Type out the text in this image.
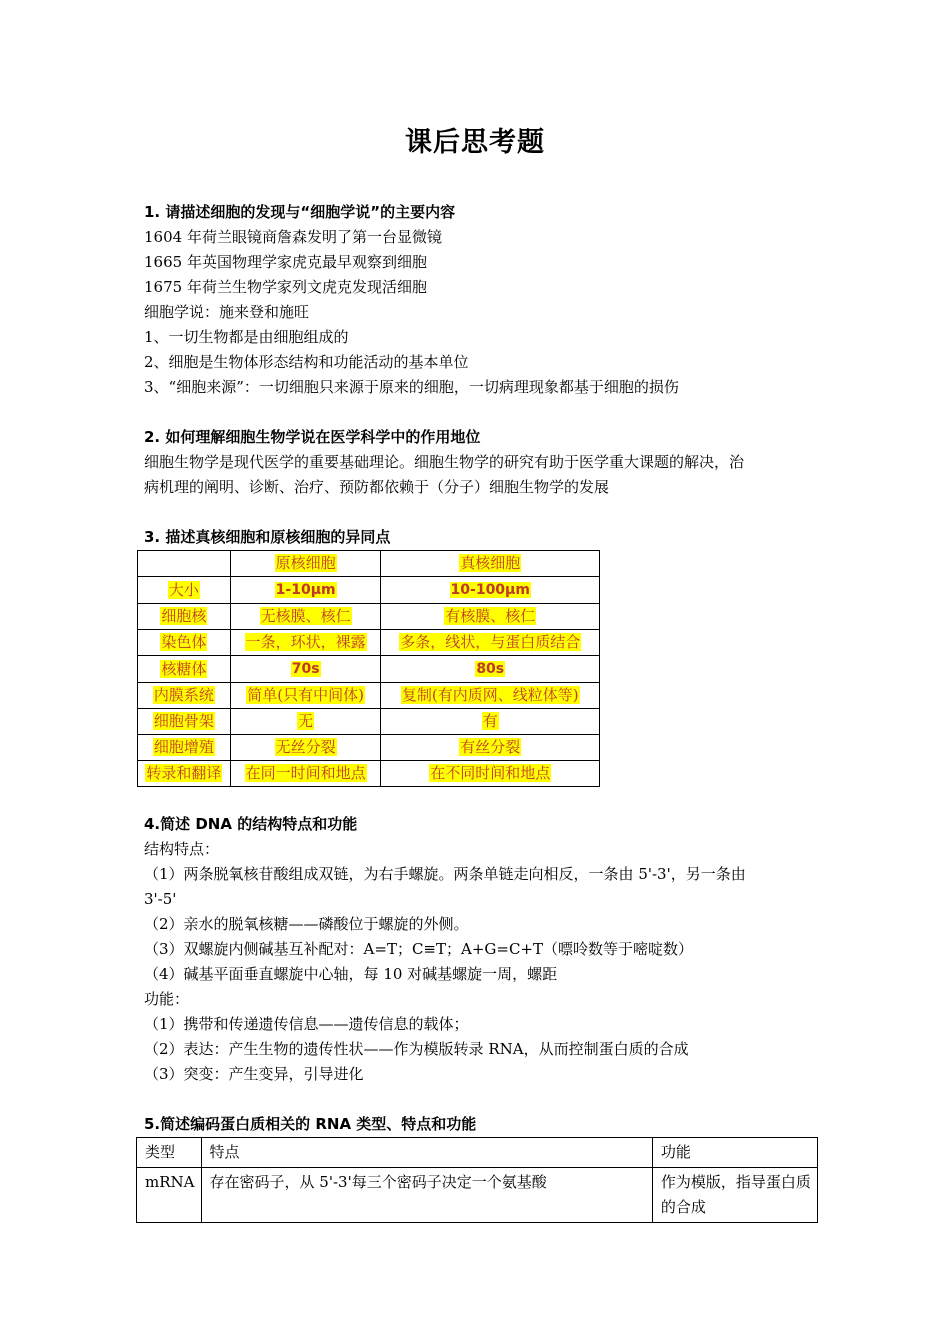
课后思考题
1. 请描述细胞的发现与“细胞学说”的主要内容

1604 年荷兰眼镜商詹森发明了第一台显微镜

1665 年英国物理学家虎克最早观察到细胞

1675 年荷兰生物学家列文虎克发现活细胞

细胞学说：施来登和施旺

1、一切生物都是由细胞组成的

2、细胞是生物体形态结构和功能活动的基本单位

3、“细胞来源”：一切细胞只来源于原来的细胞，一切病理现象都基于细胞的损伤

2. 如何理解细胞生物学说在医学科学中的作用地位

细胞生物学是现代医学的重要基础理论。细胞生物学的研究有助于医学重大课题的解决，治

病机理的阐明、诊断、治疗、预防都依赖于（分子）细胞生物学的发展

3. 描述真核细胞和原核细胞的异同点
	原核细胞	真核细胞
大小	1-10μm	10-100μm
细胞核	无核膜、核仁	有核膜、核仁
染色体	一条，环状，裸露	多条，线状，与蛋白质结合
核糖体	70s	80s
内膜系统	简单(只有中间体)	复制(有内质网、线粒体等)
细胞骨架	无	有
细胞增殖	无丝分裂	有丝分裂
转录和翻译	在同一时间和地点	在不同时间和地点
4.简述 DNA 的结构特点和功能

结构特点：

（1）两条脱氧核苷酸组成双链，为右手螺旋。两条单链走向相反，一条由 5'-3'，另一条由

3'-5'

（2）亲水的脱氧核糖——磷酸位于螺旋的外侧。

（3）双螺旋内侧碱基互补配对：A=T；C≡T；A+G=C+T（嘌呤数等于嘧啶数）

（4）碱基平面垂直螺旋中心轴，每 10 对碱基螺旋一周，螺距

功能：

（1）携带和传递遗传信息——遗传信息的载体；

（2）表达：产生生物的遗传性状——作为模版转录 RNA，从而控制蛋白质的合成

（3）突变：产生变异，引导进化

5.简述编码蛋白质相关的 RNA 类型、特点和功能
类型	特点	功能
mRNA	存在密码子，从 5'-3'每三个密码子决定一个氨基酸	作为模版，指导蛋白质的合成
